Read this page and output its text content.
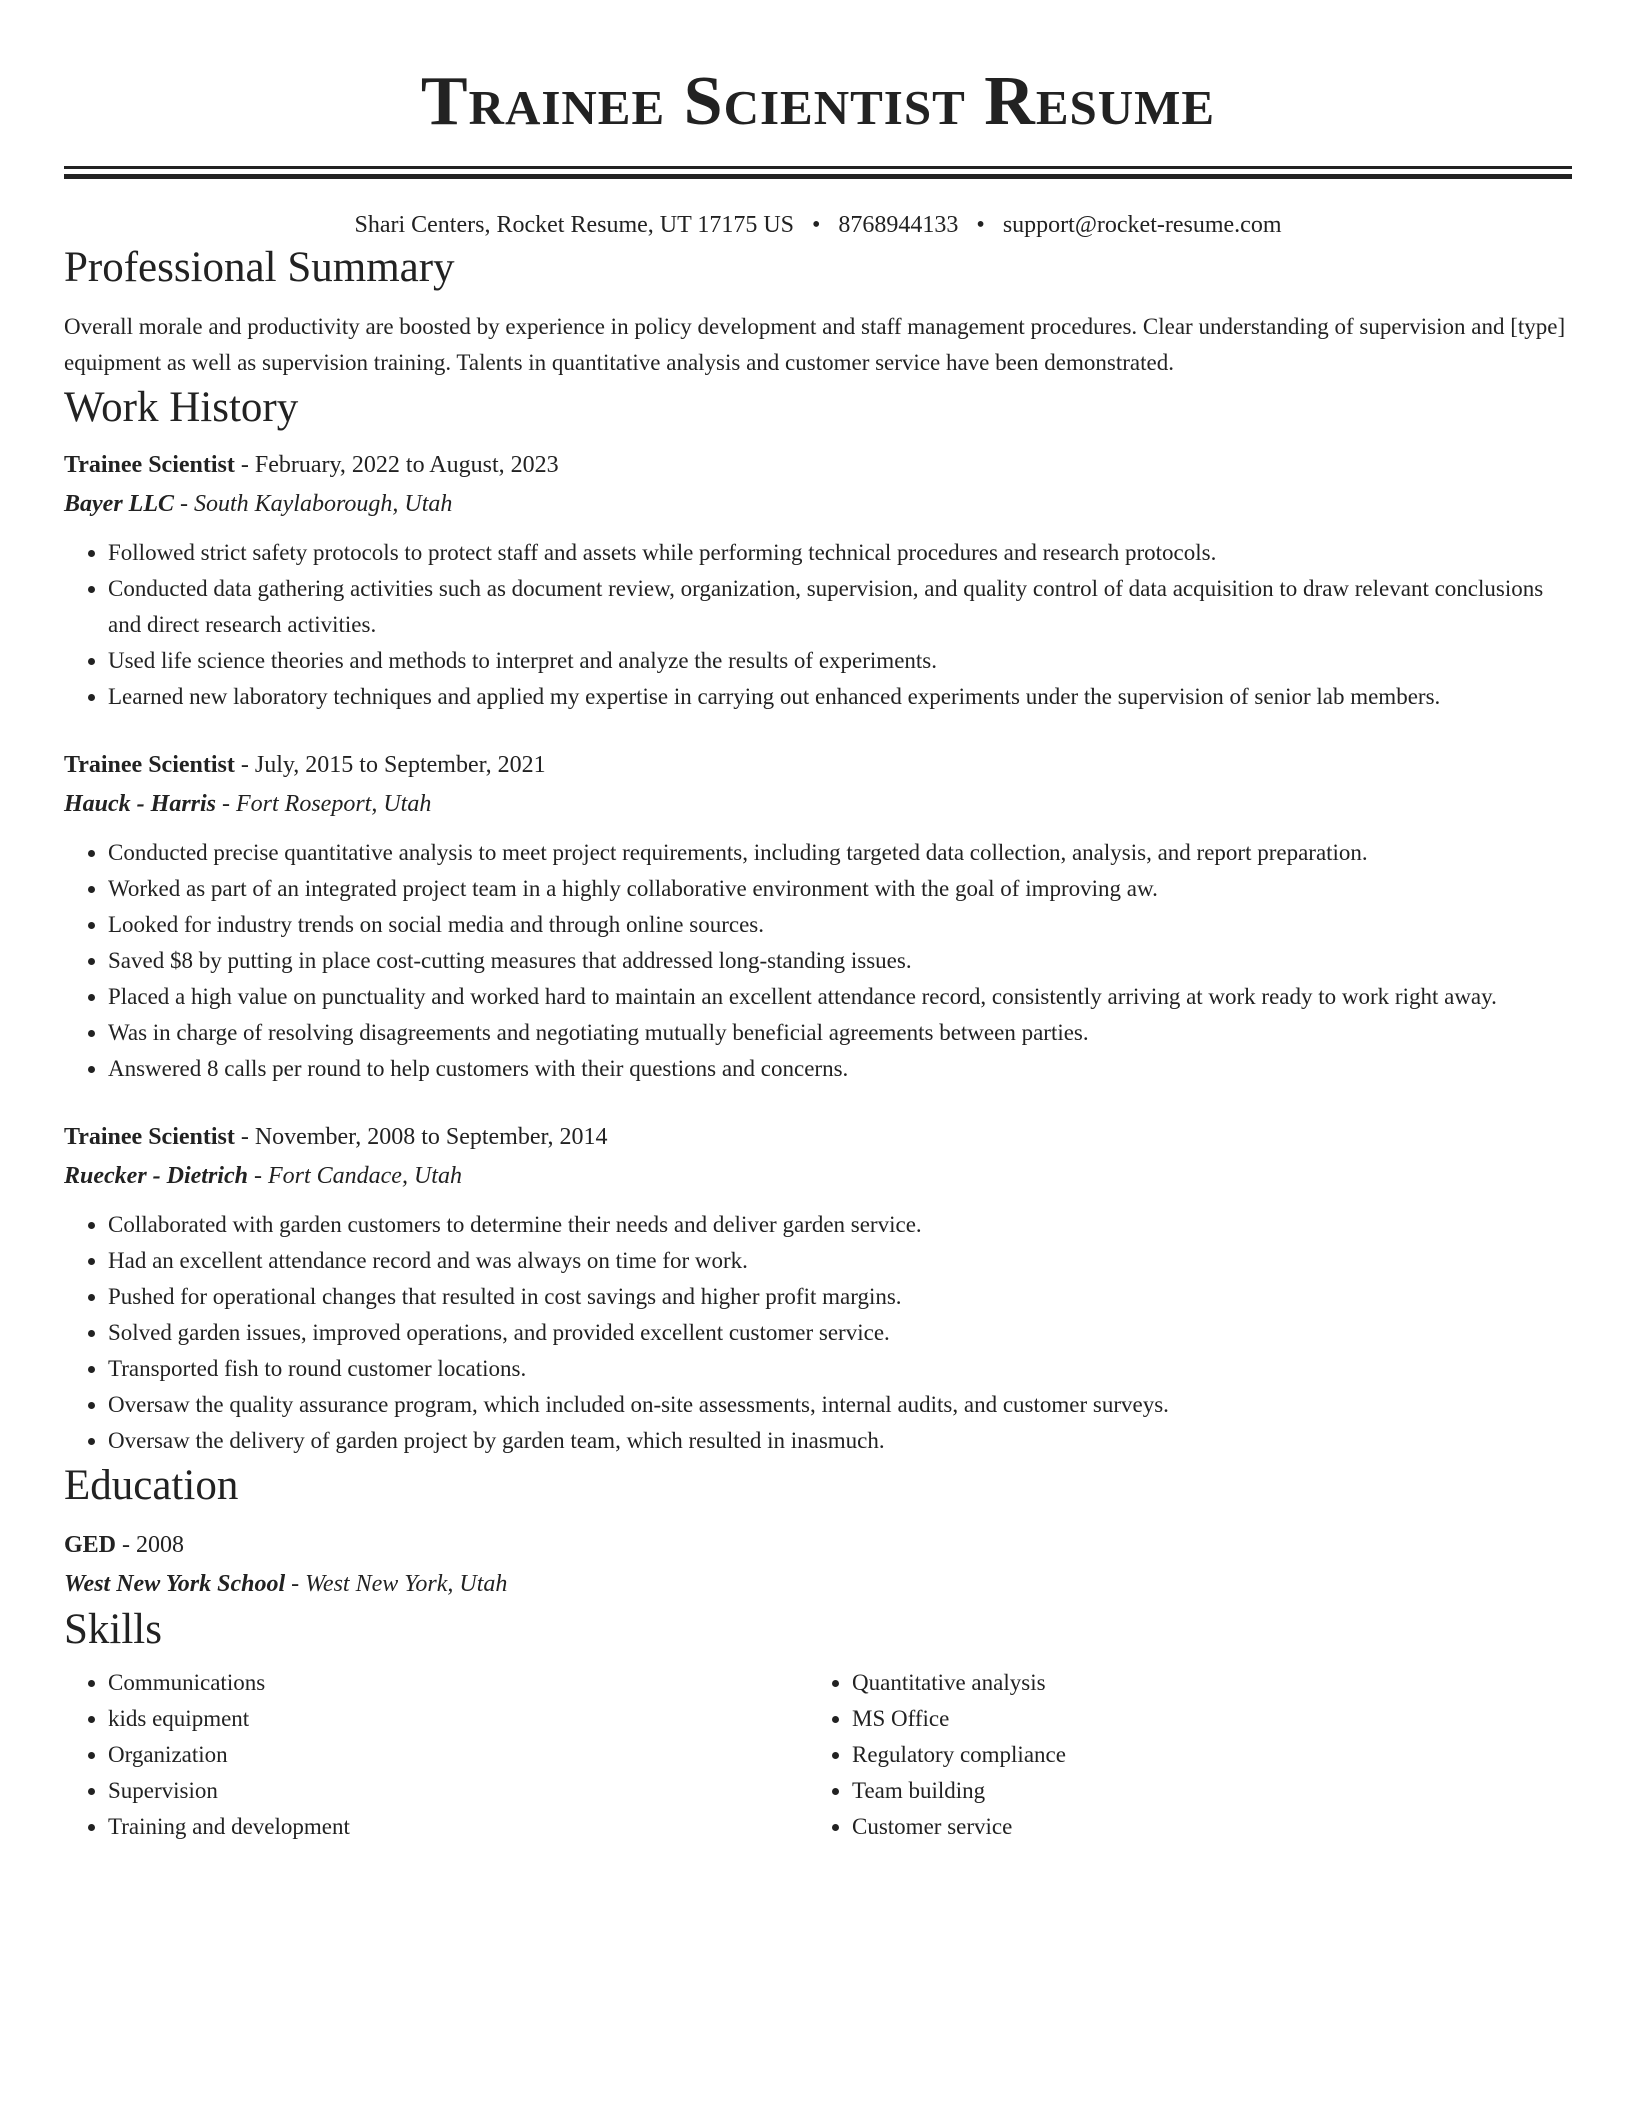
Trainee Scientist Resume
Shari Centers, Rocket Resume, UT 17175 US • 8768944133 • support@rocket-resume.com
Professional Summary
Overall morale and productivity are boosted by experience in policy development and staff management procedures. Clear understanding of supervision and [type] equipment as well as supervision training. Talents in quantitative analysis and customer service have been demonstrated.
Work History
Trainee Scientist - February, 2022 to August, 2023
Bayer LLC - South Kaylaborough, Utah
• Followed strict safety protocols to protect staff and assets while performing technical procedures and research protocols.
• Conducted data gathering activities such as document review, organization, supervision, and quality control of data acquisition to draw relevant conclusions and direct research activities.
• Used life science theories and methods to interpret and analyze the results of experiments.
• Learned new laboratory techniques and applied my expertise in carrying out enhanced experiments under the supervision of senior lab members.
Trainee Scientist - July, 2015 to September, 2021
Hauck - Harris - Fort Roseport, Utah
• Conducted precise quantitative analysis to meet project requirements, including targeted data collection, analysis, and report preparation.
• Worked as part of an integrated project team in a highly collaborative environment with the goal of improving aw.
• Looked for industry trends on social media and through online sources.
• Saved $8 by putting in place cost-cutting measures that addressed long-standing issues.
• Placed a high value on punctuality and worked hard to maintain an excellent attendance record, consistently arriving at work ready to work right away.
• Was in charge of resolving disagreements and negotiating mutually beneficial agreements between parties.
• Answered 8 calls per round to help customers with their questions and concerns.
Trainee Scientist - November, 2008 to September, 2014
Ruecker - Dietrich - Fort Candace, Utah
• Collaborated with garden customers to determine their needs and deliver garden service.
• Had an excellent attendance record and was always on time for work.
• Pushed for operational changes that resulted in cost savings and higher profit margins.
• Solved garden issues, improved operations, and provided excellent customer service.
• Transported fish to round customer locations.
• Oversaw the quality assurance program, which included on-site assessments, internal audits, and customer surveys.
• Oversaw the delivery of garden project by garden team, which resulted in inasmuch.
Education
GED - 2008
West New York School - West New York, Utah
Skills
• Communications
• kids equipment
• Organization
• Supervision
• Training and development
• Quantitative analysis
• MS Office
• Regulatory compliance
• Team building
• Customer service
